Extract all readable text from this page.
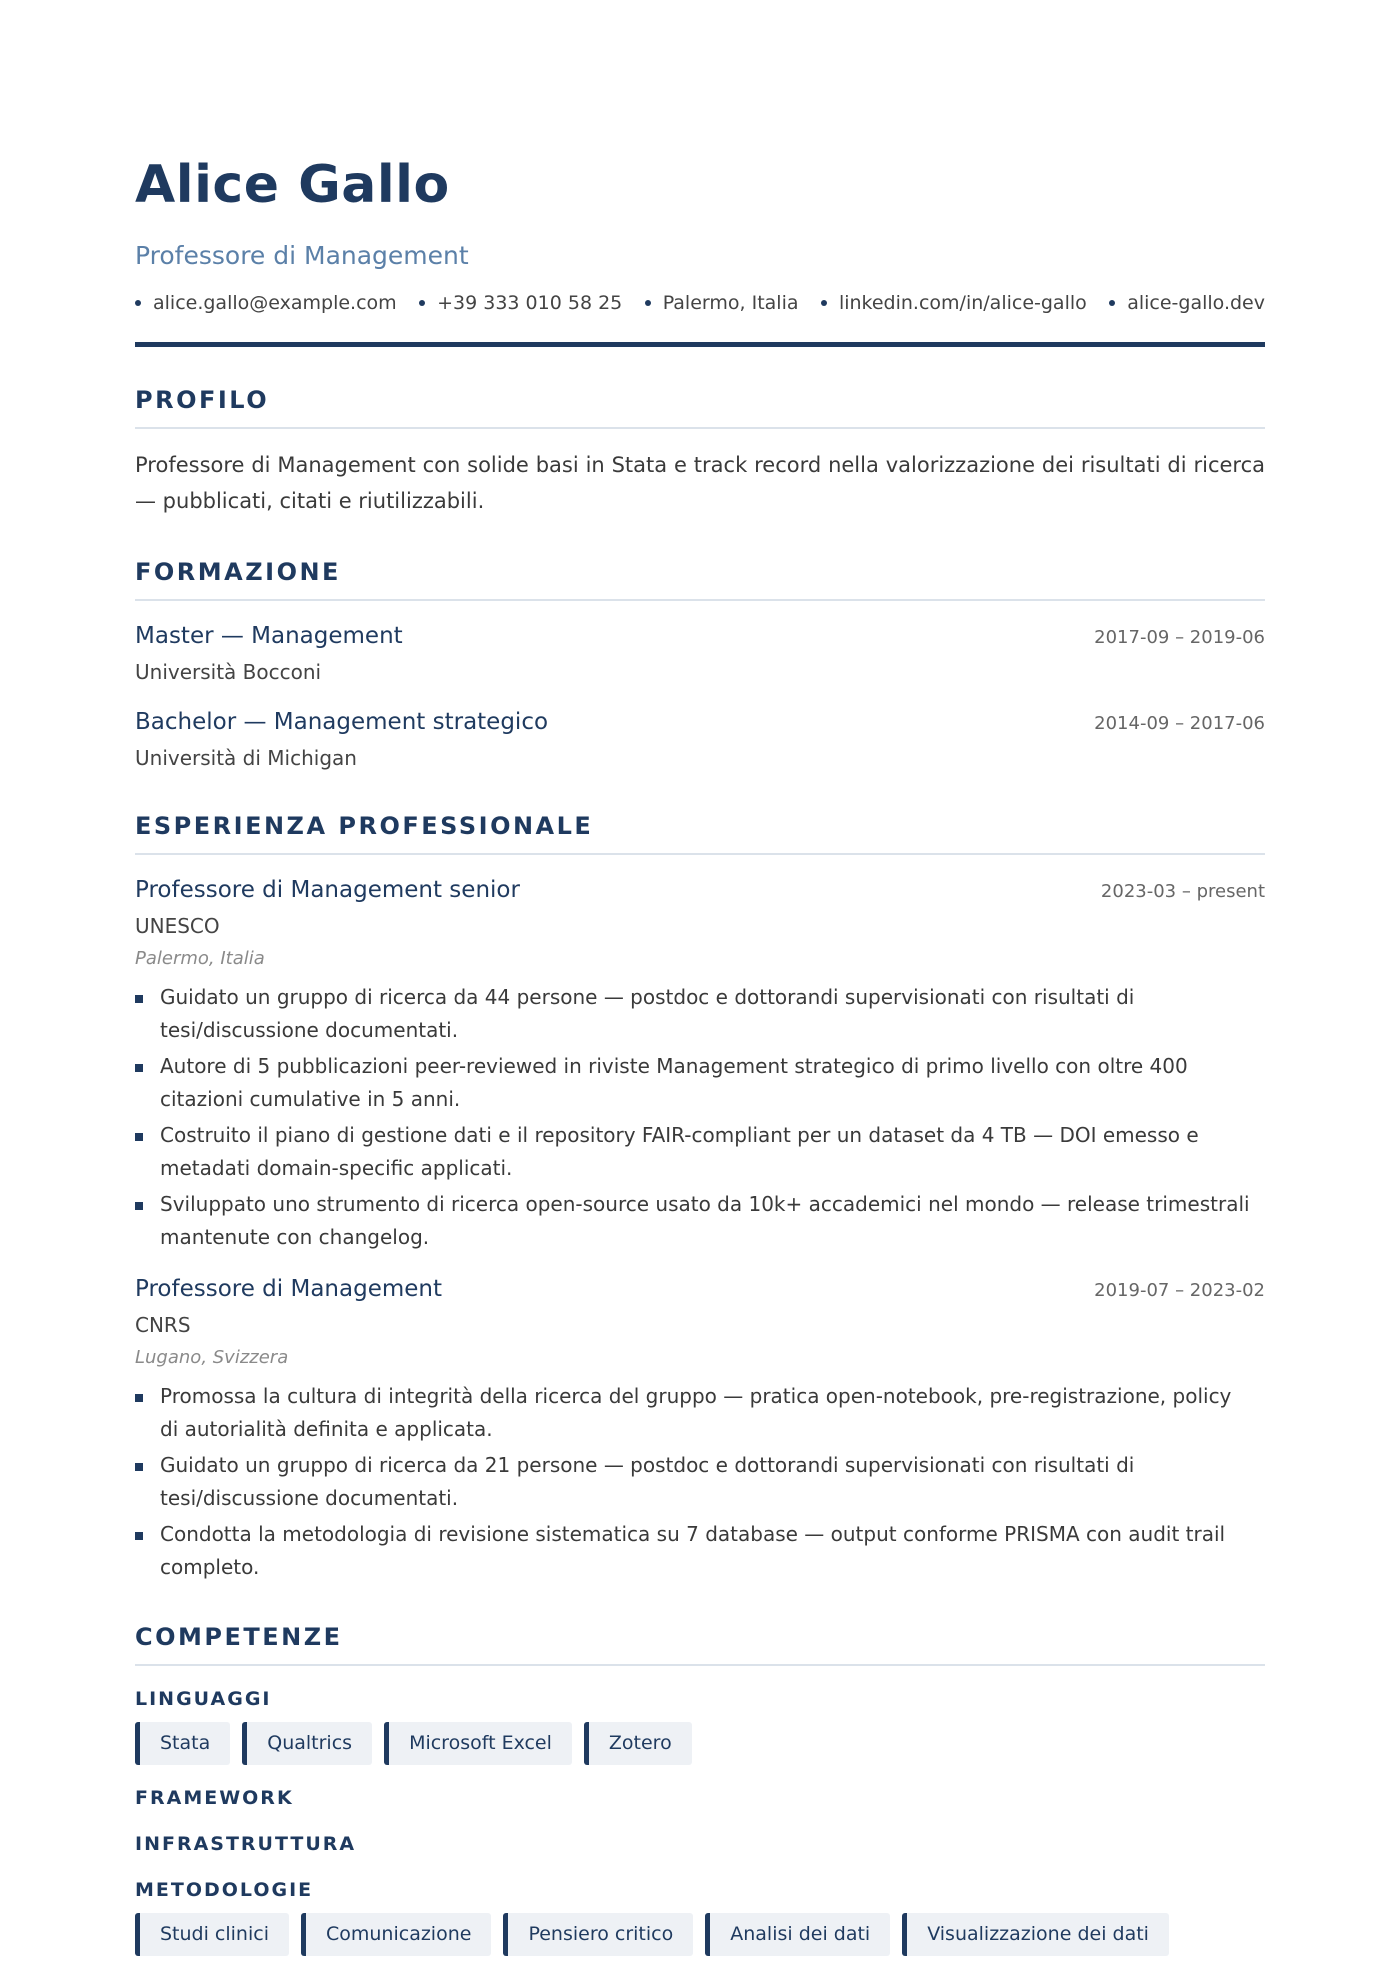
Alice Gallo
Professore di Management
alice.gallo@example.com +39 333 010 58 25 Palermo, Italia linkedin.com/in/alice-gallo alice-gallo.dev
PROFILO
Professore di Management con solide basi in Stata e track record nella valorizzazione dei risultati di ricerca — pubblicati, citati e riutilizzabili.
FORMAZIONE
Master — Management	2017-09 – 2019-06
Università Bocconi
Bachelor — Management strategico	2014-09 – 2017-06
Università di Michigan
ESPERIENZA PROFESSIONALE
Professore di Management senior	2023-03 – present
UNESCO
Palermo, Italia
Guidato un gruppo di ricerca da 44 persone — postdoc e dottorandi supervisionati con risultati di tesi/discussione documentati.
Autore di 5 pubblicazioni peer-reviewed in riviste Management strategico di primo livello con oltre 400 citazioni cumulative in 5 anni.
Costruito il piano di gestione dati e il repository FAIR-compliant per un dataset da 4 TB — DOI emesso e metadati domain-specific applicati.
Sviluppato uno strumento di ricerca open-source usato da 10k+ accademici nel mondo — release trimestrali mantenute con changelog.
Professore di Management	2019-07 – 2023-02
CNRS
Lugano, Svizzera
Promossa la cultura di integrità della ricerca del gruppo — pratica open-notebook, pre-registrazione, policy di autorialità definita e applicata.
Guidato un gruppo di ricerca da 21 persone — postdoc e dottorandi supervisionati con risultati di tesi/discussione documentati.
Condotta la metodologia di revisione sistematica su 7 database — output conforme PRISMA con audit trail completo.
COMPETENZE
LINGUAGGI
Stata	Qualtrics	Microsoft Excel	Zotero
FRAMEWORK
INFRASTRUTTURA
METODOLOGIE
Studi clinici	Comunicazione	Pensiero critico	Analisi dei dati	Visualizzazione dei dati
